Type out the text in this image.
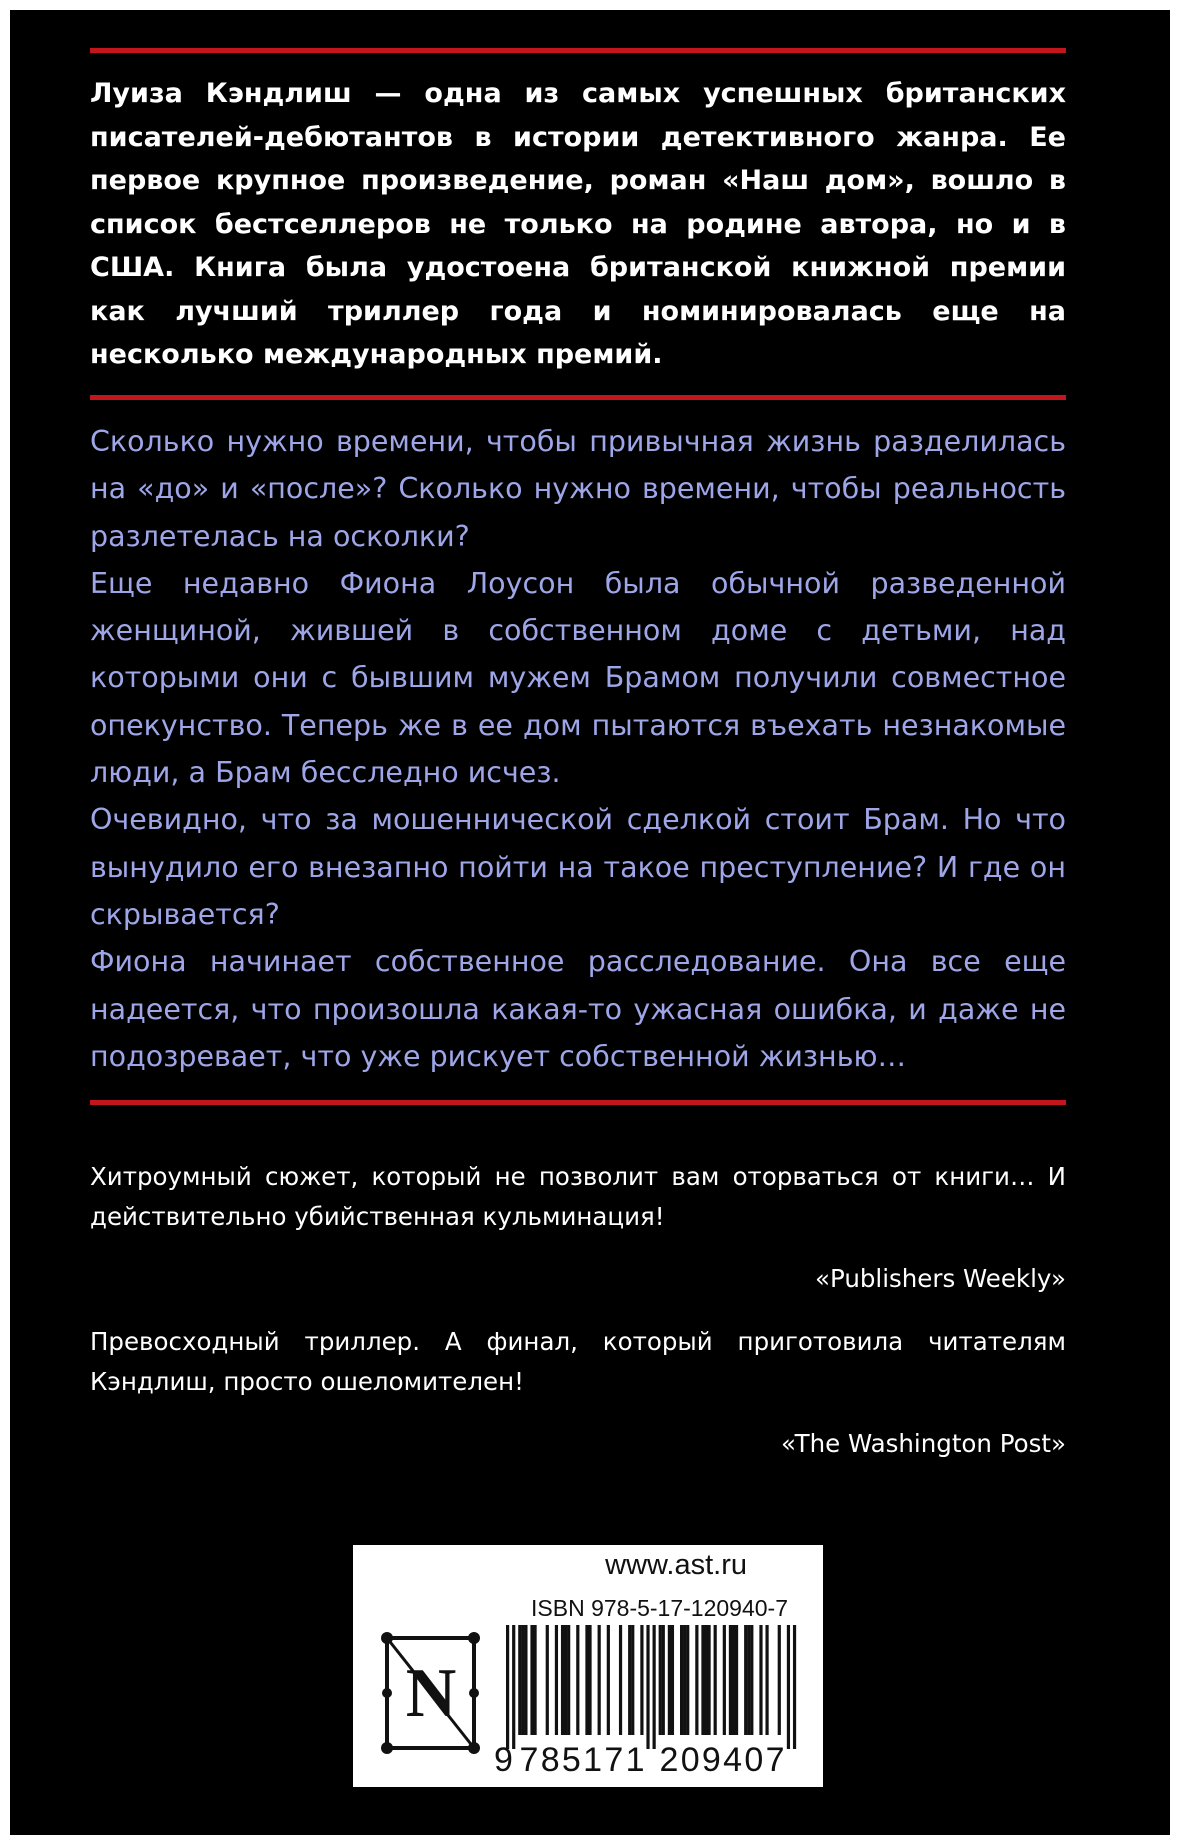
Луиза Кэндлиш — одна из самых успешных британских писателей-дебютантов в истории детективного жанра. Ее первое крупное произведение, роман «Наш дом», вошло в список бестселлеров не только на родине автора, но и в США. Книга была удостоена британской книжной премии как лучший триллер года и номинировалась еще на несколько международных премий.

Сколько нужно времени, чтобы привычная жизнь разделилась на «до» и «после»? Сколько нужно времени, чтобы реальность разлетелась на осколки?

Еще недавно Фиона Лоусон была обычной разведенной женщиной, жившей в собственном доме с детьми, над которыми они с бывшим мужем Брамом получили совместное опекунство. Теперь же в ее дом пытаются въехать незнакомые люди, а Брам бесследно исчез.

Очевидно, что за мошеннической сделкой стоит Брам. Но что вынудило его внезапно пойти на такое преступление? И где он скрывается?

Фиона начинает собственное расследование. Она все еще надеется, что произошла какая-то ужасная ошибка, и даже не подозревает, что уже рискует собственной жизнью…

Хитроумный сюжет, который не позволит вам оторваться от книги… И действительно убийственная кульминация!

«Publishers Weekly»

Превосходный триллер. А финал, который приготовила читателям Кэндлиш, просто ошеломителен!

«The Washington Post»

www.ast.ru
ISBN 978-5-17-120940-7
N
9 785171 209407
